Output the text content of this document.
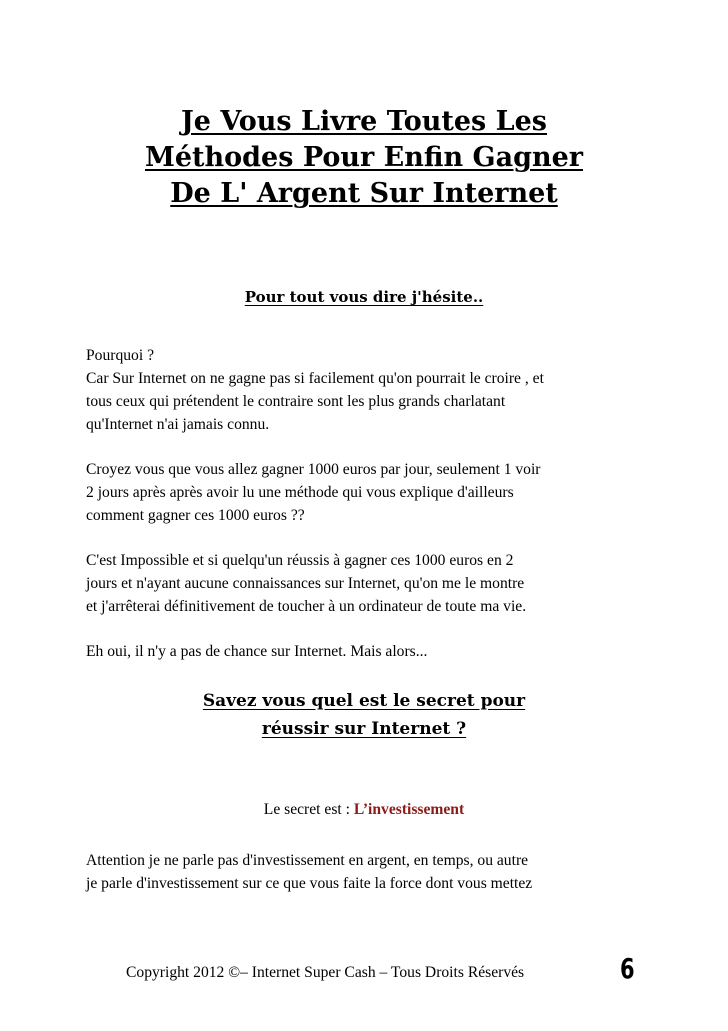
Je Vous Livre Toutes Les
Méthodes Pour Enfin Gagner
De L' Argent Sur Internet
Pour tout vous dire j'hésite..

Pourquoi ?
Car Sur Internet on ne gagne pas si facilement qu'on pourrait le croire , et
tous ceux qui prétendent le contraire sont les plus grands charlatant
qu'Internet n'ai jamais connu.

Croyez vous que vous allez gagner 1000 euros par jour, seulement 1 voir
2 jours après après avoir lu une méthode qui vous explique d'ailleurs
comment gagner ces 1000 euros ??

C'est Impossible et si quelqu'un réussis à gagner ces 1000 euros en 2
jours et n'ayant aucune connaissances sur Internet, qu'on me le montre
et j'arrêterai définitivement de toucher à un ordinateur de toute ma vie.

Eh oui, il n'y a pas de chance sur Internet. Mais alors...

Savez vous quel est le secret pour
réussir sur Internet ?

Le secret est : L’investissement

Attention je ne parle pas d'investissement en argent, en temps, ou autre
je parle d'investissement sur ce que vous faite la force dont vous mettez

Copyright 2012 ©– Internet Super Cash – Tous Droits Réservés	6
